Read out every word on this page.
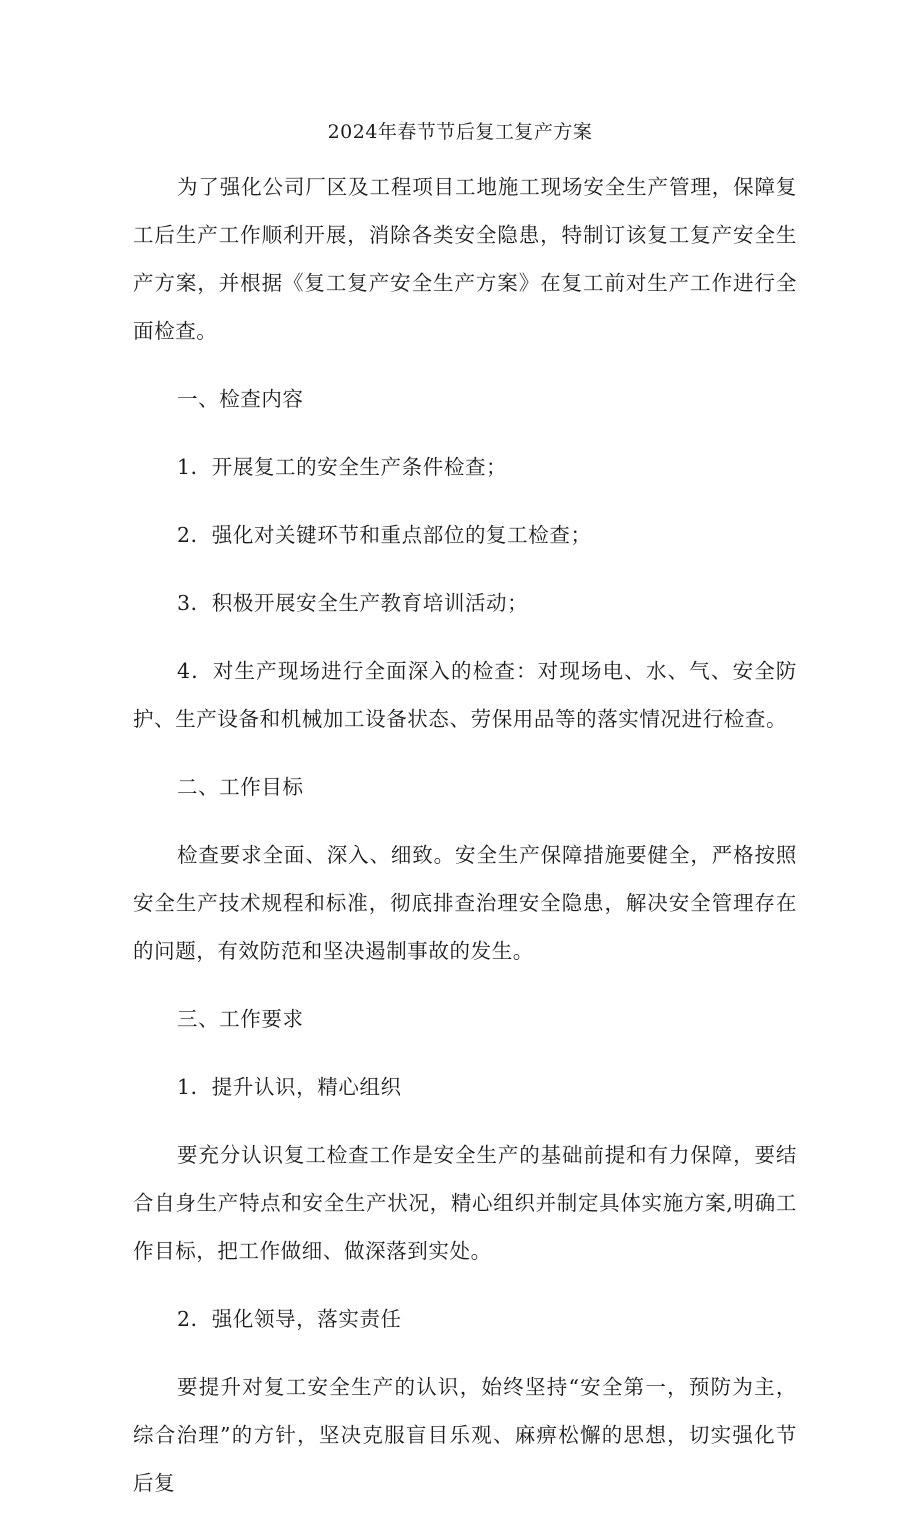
2024年春节节后复工复产方案

为了强化公司厂区及工程项目工地施工现场安全生产管理，保障复工后生产工作顺利开展，消除各类安全隐患，特制订该复工复产安全生产方案，并根据《复工复产安全生产方案》在复工前对生产工作进行全面检查。

一、检查内容

1．开展复工的安全生产条件检查；

2．强化对关键环节和重点部位的复工检查；

3．积极开展安全生产教育培训活动；

4．对生产现场进行全面深入的检查：对现场电、水、气、安全防护、生产设备和机械加工设备状态、劳保用品等的落实情况进行检查。

二、工作目标

检查要求全面、深入、细致。安全生产保障措施要健全，严格按照安全生产技术规程和标准，彻底排查治理安全隐患，解决安全管理存在的问题，有效防范和坚决遏制事故的发生。

三、工作要求

1．提升认识，精心组织

要充分认识复工检查工作是安全生产的基础前提和有力保障，要结合自身生产特点和安全生产状况，精心组织并制定具体实施方案,明确工作目标，把工作做细、做深落到实处。

2．强化领导，落实责任

要提升对复工安全生产的认识，始终坚持“安全第一，预防为主，综合治理”的方针，坚决克服盲目乐观、麻痹松懈的思想，切实强化节后复
